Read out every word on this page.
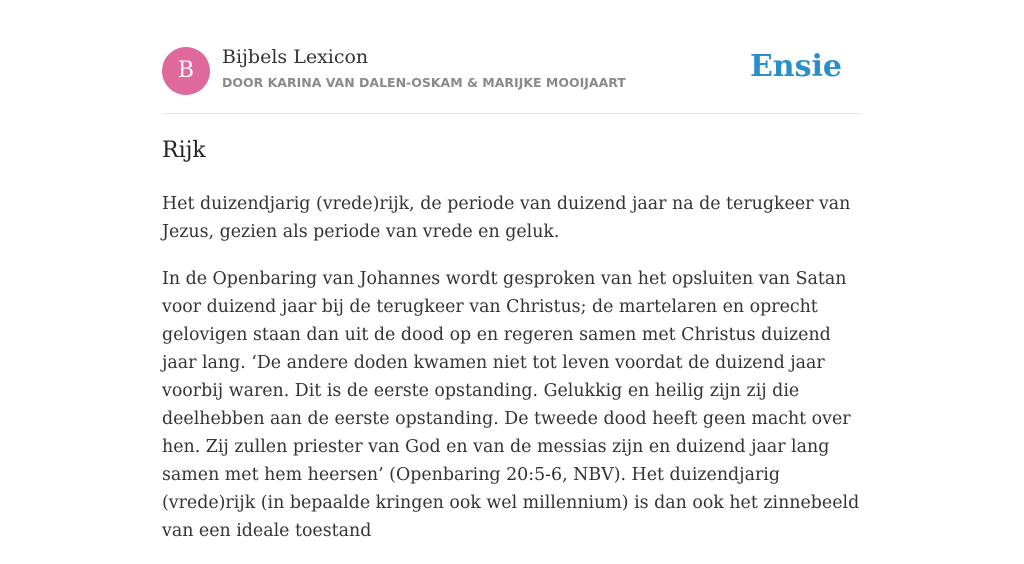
B
Bijbels Lexicon
DOOR KARINA VAN DALEN-OSKAM & MARIJKE MOOIJAART	Ensie
Rijk

Het duizendjarig (vrede)rijk, de periode van duizend jaar na de terugkeer van Jezus, gezien als periode van vrede en geluk.

In de Openbaring van Johannes wordt gesproken van het opsluiten van Satan voor duizend jaar bij de terugkeer van Christus; de martelaren en oprecht gelovigen staan dan uit de dood op en regeren samen met Christus duizend jaar lang. ‘De andere doden kwamen niet tot leven voordat de duizend jaar voorbij waren. Dit is de eerste opstanding. Gelukkig en heilig zijn zij die deelhebben aan de eerste opstanding. De tweede dood heeft geen macht over hen. Zij zullen priester van God en van de messias zijn en duizend jaar lang samen met hem heersen’ (Openbaring 20:5-6, NBV). Het duizendjarig (vrede)rijk (in bepaalde kringen ook wel millennium) is dan ook het zinnebeeld van een ideale toestand
